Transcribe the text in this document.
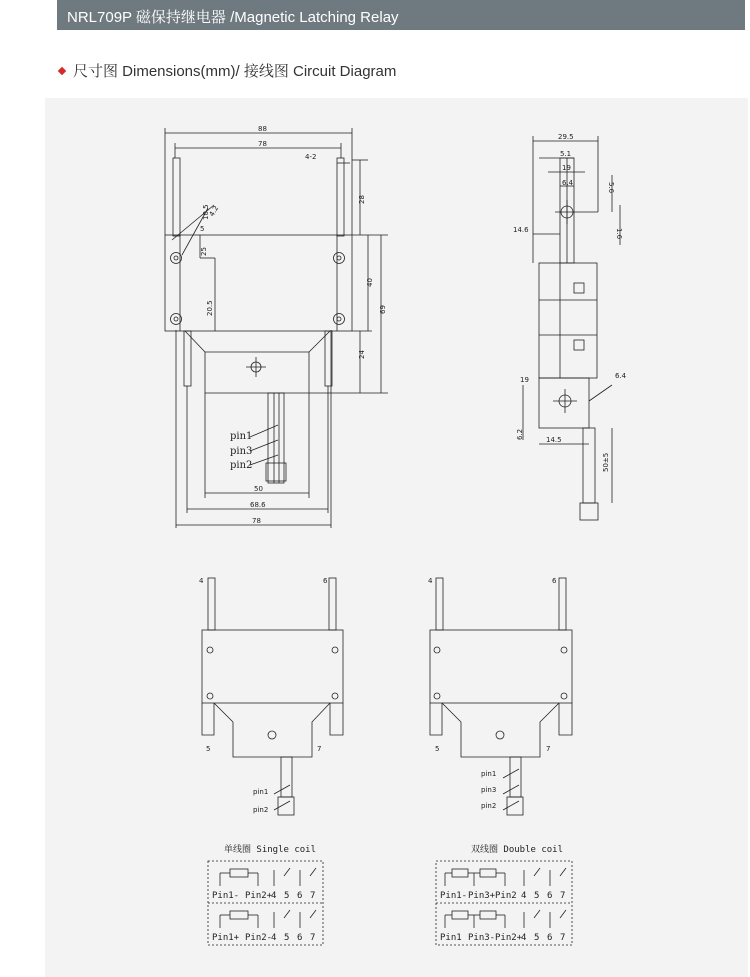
NRL709P 磁保持继电器 /Magnetic Latching Relay
尺寸图 Dimensions(mm)/ 接线图 Circuit Diagram
88
78
4-2
10.5
4.2
5
25
20.5
28
40
69
24
50
68.6
78
pin1
pin3
pin2
29.5
5.1
19
6.4	5.6
14.6	1.6
19	6.4
6.2	14.5
50±5
4	6
5	7
pin1
pin2
单线圈 Single coil
Pin1- Pin2+
4 5 6 7
Pin1+ Pin2-
4 5 6 7
4	6
5	7
pin1
pin3
pin2
双线圈 Double coil
Pin1- Pin3+ Pin2 4 5 6 7
Pin1 Pin3- Pin2+
4 5 6 7
